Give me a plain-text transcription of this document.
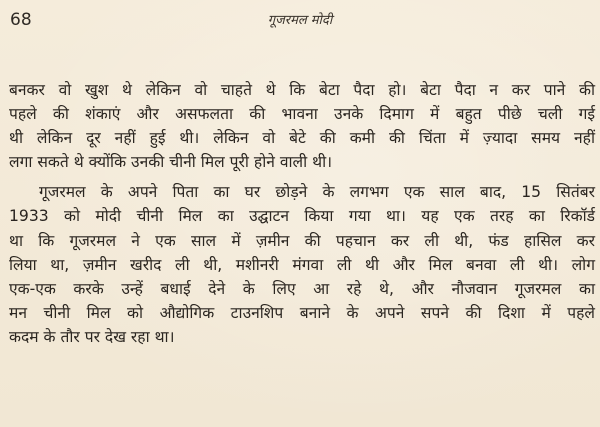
68	गूजरमल मोदी
बनकर वो खुश थे लेकिन वो चाहते थे कि बेटा पैदा हो। बेटा पैदा न कर पाने की
पहले की शंकाएं और असफलता की भावना उनके दिमाग में बहुत पीछे चली गई
थी लेकिन दूर नहीं हुई थी। लेकिन वो बेटे की कमी की चिंता में ज़्यादा समय नहीं
लगा सकते थे क्योंकि उनकी चीनी मिल पूरी होने वाली थी।
गूजरमल के अपने पिता का घर छोड़ने के लगभग एक साल बाद, 15 सितंबर
1933 को मोदी चीनी मिल का उद्घाटन किया गया था। यह एक तरह का रिकॉर्ड
था कि गूजरमल ने एक साल में ज़मीन की पहचान कर ली थी, फंड हासिल कर
लिया था, ज़मीन खरीद ली थी, मशीनरी मंगवा ली थी और मिल बनवा ली थी। लोग
एक-एक करके उन्हें बधाई देने के लिए आ रहे थे, और नौजवान गूजरमल का
मन चीनी मिल को औद्योगिक टाउनशिप बनाने के अपने सपने की दिशा में पहले
कदम के तौर पर देख रहा था।
